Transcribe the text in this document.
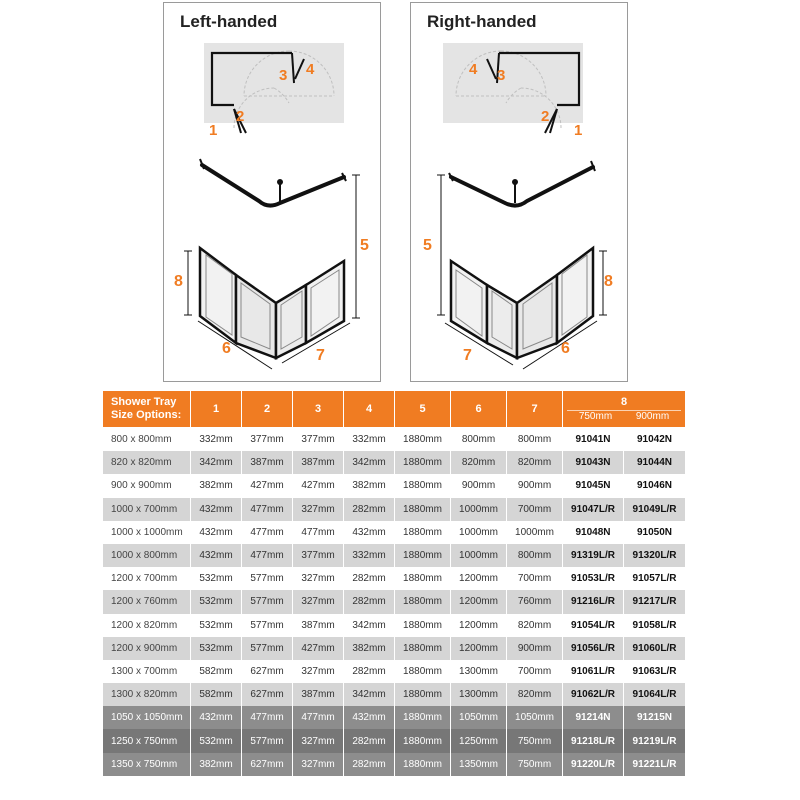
Left-handed
1
2
3 4
5
8
6	7
Right-handed
1
2
3
4
5
8
7	6
Shower Tray
Size Options:	1	2	3	4	5	6	7	8
750mm 900mm	

800 x 800mm	332mm	377mm	377mm	332mm	1880mm	800mm	800mm	91041N	91042N
820 x 820mm	342mm	387mm	387mm	342mm	1880mm	820mm	820mm	91043N	91044N
900 x 900mm	382mm	427mm	427mm	382mm	1880mm	900mm	900mm	91045N	91046N
1000 x 700mm	432mm	477mm	327mm	282mm	1880mm	1000mm	700mm	91047L/R	91049L/R
1000 x 1000mm	432mm	477mm	477mm	432mm	1880mm	1000mm	1000mm	91048N	91050N
1000 x 800mm	432mm	477mm	377mm	332mm	1880mm	1000mm	800mm	91319L/R	91320L/R
1200 x 700mm	532mm	577mm	327mm	282mm	1880mm	1200mm	700mm	91053L/R	91057L/R
1200 x 760mm	532mm	577mm	327mm	282mm	1880mm	1200mm	760mm	91216L/R	91217L/R
1200 x 820mm	532mm	577mm	387mm	342mm	1880mm	1200mm	820mm	91054L/R	91058L/R
1200 x 900mm	532mm	577mm	427mm	382mm	1880mm	1200mm	900mm	91056L/R	91060L/R
1300 x 700mm	582mm	627mm	327mm	282mm	1880mm	1300mm	700mm	91061L/R	91063L/R
1300 x 820mm	582mm	627mm	387mm	342mm	1880mm	1300mm	820mm	91062L/R	91064L/R
1050 x 1050mm	432mm	477mm	477mm	432mm	1880mm	1050mm	1050mm	91214N	91215N
1250 x 750mm	532mm	577mm	327mm	282mm	1880mm	1250mm	750mm	91218L/R	91219L/R
1350 x 750mm	382mm	627mm	327mm	282mm	1880mm	1350mm	750mm	91220L/R	91221L/R
